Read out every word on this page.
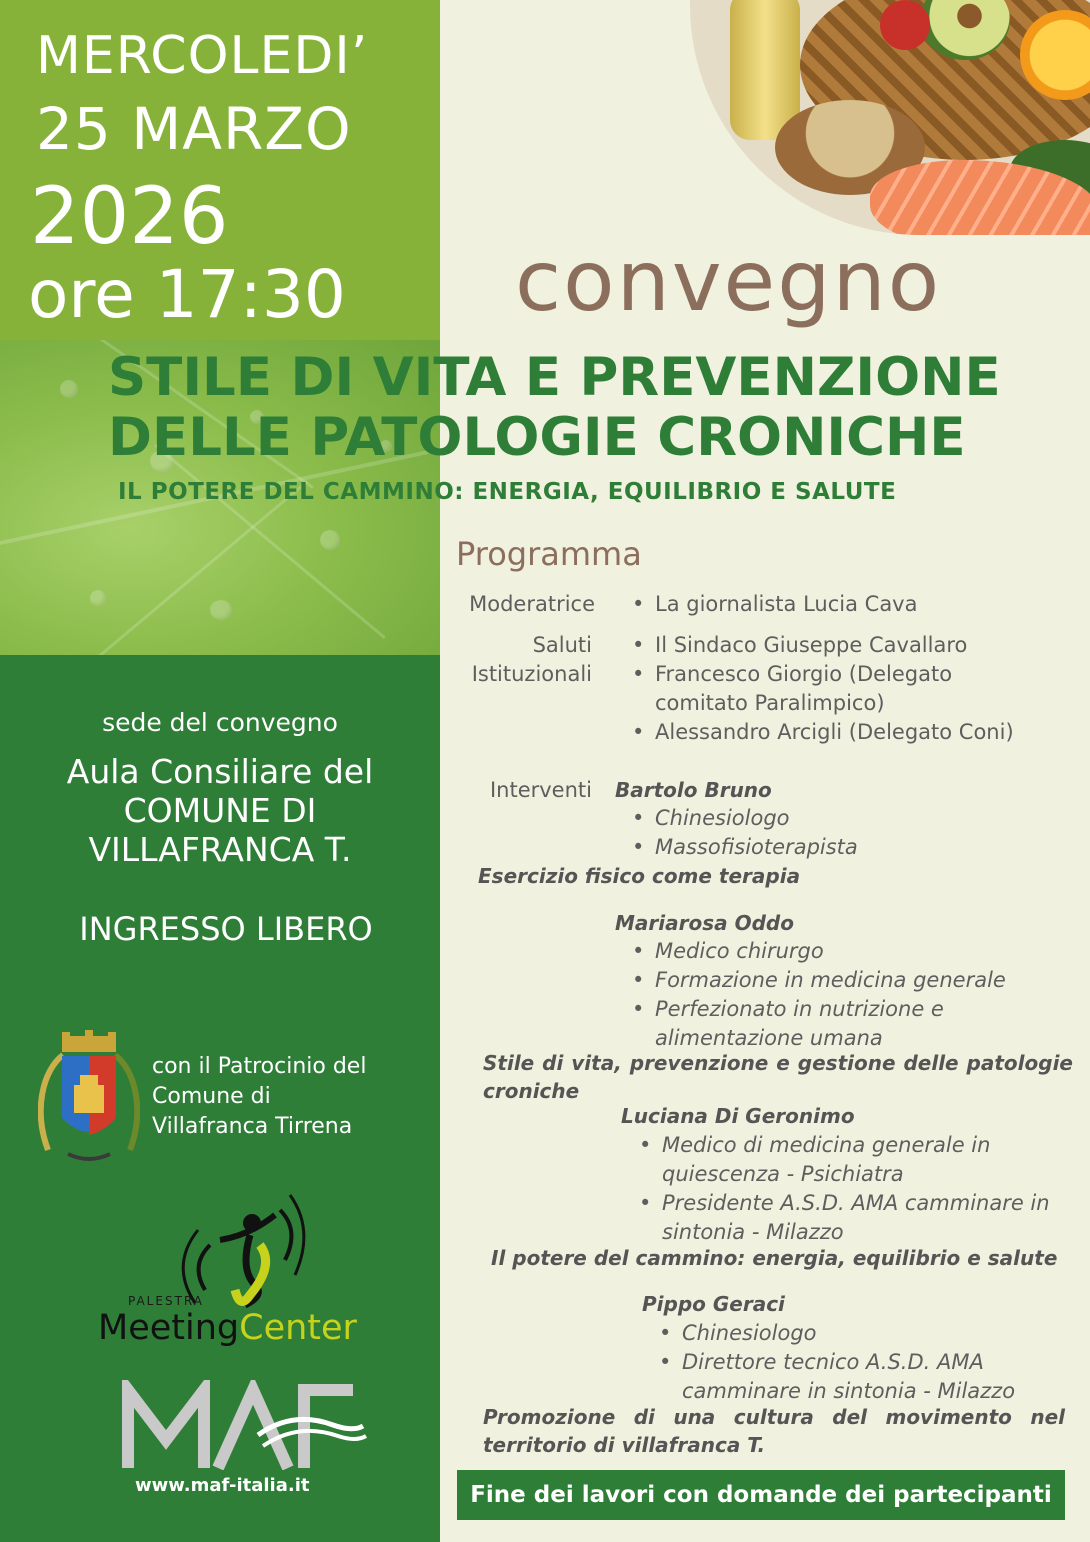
MERCOLEDI’
25 MARZO
2026
ore 17:30 convegno
STILE DI VITA E PREVENZIONE
DELLE PATOLOGIE CRONICHE
IL POTERE DEL CAMMINO: ENERGIA, EQUILIBRIO E SALUTE
Programma
Moderatrice
•	La giornalista Lucia Cava
Saluti
Istituzionali
• Il Sindaco Giuseppe Cavallaro
• Francesco Giorgio (Delegato comitato Paralimpico)
• Alessandro Arcigli (Delegato Coni)
Interventi Bartolo Bruno
• Chinesiologo
• Massofisioterapista
Esercizio fisico come terapia
Mariarosa Oddo
• Medico chirurgo
• Formazione in medicina generale
• Perfezionato in nutrizione e alimentazione umana
Stile di vita, prevenzione e gestione delle patologie croniche
Luciana Di Geronimo
• Medico di medicina generale in quiescenza - Psichiatra
• Presidente A.S.D. AMA camminare in sintonia - Milazzo
Il potere del cammino: energia, equilibrio e salute
Pippo Geraci
• Chinesiologo
• Direttore tecnico A.S.D. AMA camminare in sintonia - Milazzo
Promozione di una cultura del movimento nel territorio di villafranca T.
Fine dei lavori con domande dei partecipanti
sede del convegno
Aula Consiliare del
COMUNE DI
VILLAFRANCA T.
INGRESSO LIBERO
con il Patrocinio del
Comune di
Villafranca Tirrena
PALESTRA
MeetingCenter
MAF
www.maf-italia.it
